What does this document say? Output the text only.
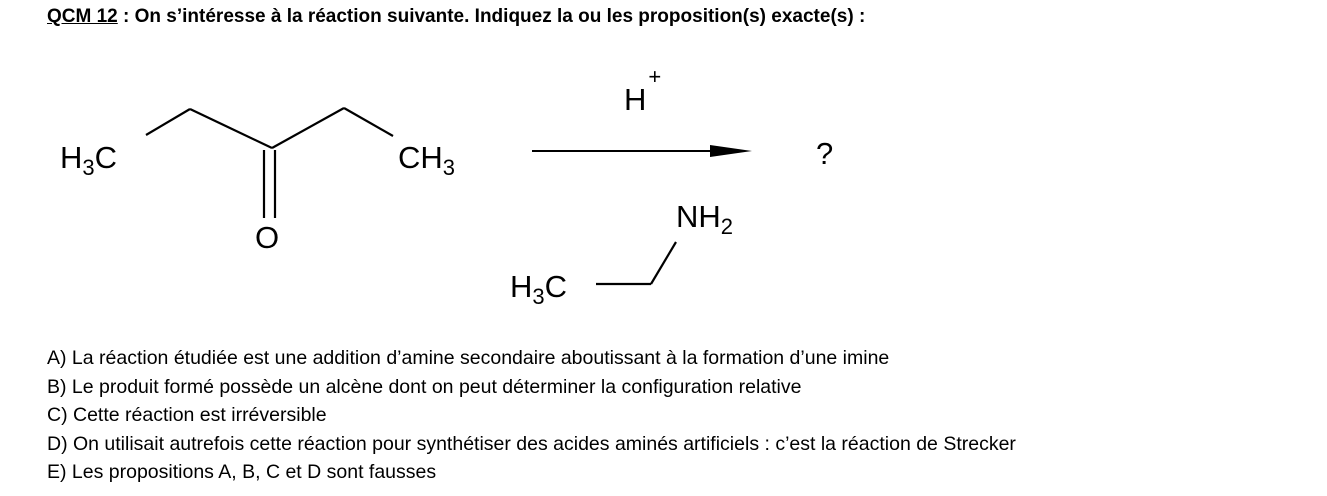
QCM 12 : On s’intéresse à la réaction suivante. Indiquez la ou les proposition(s) exacte(s) :
$H_3C$	$CH_3$
O
H+
?
$NH_2$
$H_3C$
A) La réaction étudiée est une addition d’amine secondaire aboutissant à la formation d’une imine
B) Le produit formé possède un alcène dont on peut déterminer la configuration relative
C) Cette réaction est irréversible
D) On utilisait autrefois cette réaction pour synthétiser des acides aminés artificiels : c’est la réaction de Strecker
E) Les propositions A, B, C et D sont fausses
